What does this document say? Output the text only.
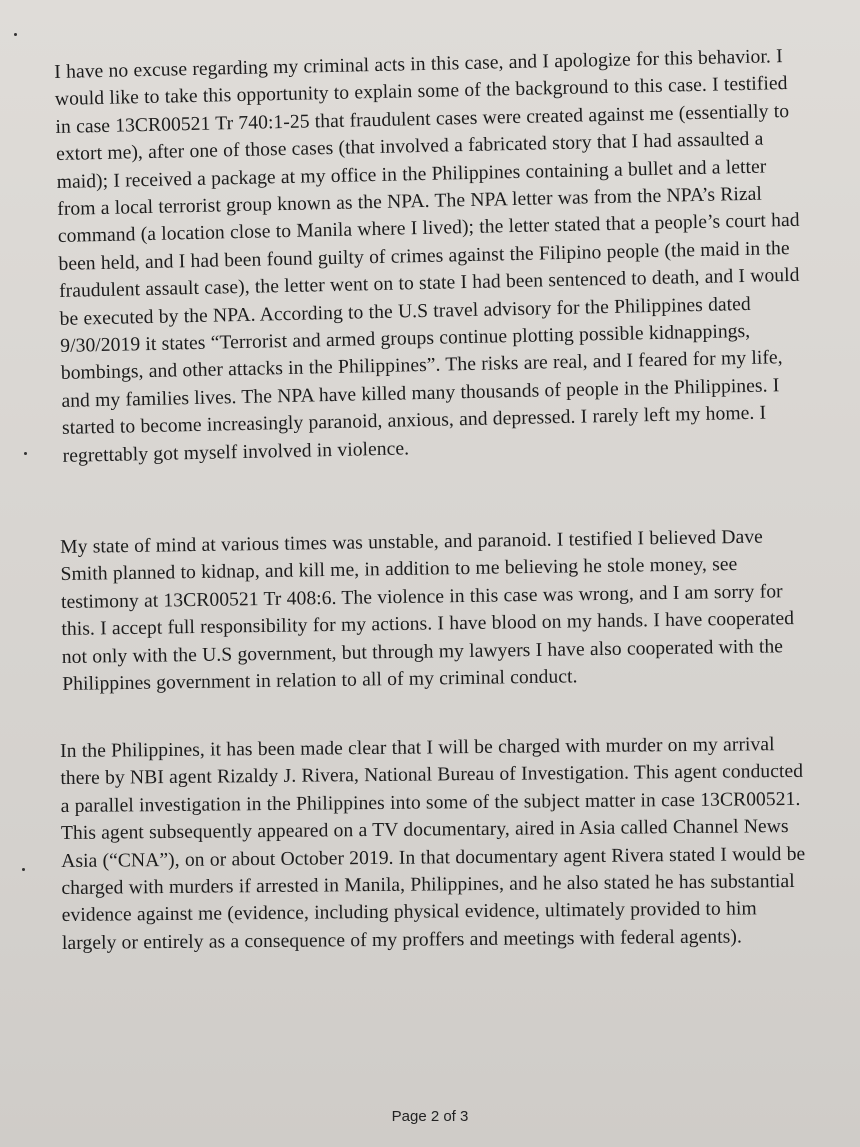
I have no excuse regarding my criminal acts in this case, and I apologize for this behavior. I would like to take this opportunity to explain some of the background to this case. I testified in case 13CR00521 Tr 740:1-25 that fraudulent cases were created against me (essentially to extort me), after one of those cases (that involved a fabricated story that I had assaulted a maid); I received a package at my office in the Philippines containing a bullet and a letter from a local terrorist group known as the NPA. The NPA letter was from the NPA’s Rizal command (a location close to Manila where I lived); the letter stated that a people’s court had been held, and I had been found guilty of crimes against the Filipino people (the maid in the fraudulent assault case), the letter went on to state I had been sentenced to death, and I would be executed by the NPA. According to the U.S travel advisory for the Philippines dated 9/30/2019 it states “Terrorist and armed groups continue plotting possible kidnappings, bombings, and other attacks in the Philippines”. The risks are real, and I feared for my life, and my families lives. The NPA have killed many thousands of people in the Philippines. I started to become increasingly paranoid, anxious, and depressed. I rarely left my home. I regrettably got myself involved in violence.

My state of mind at various times was unstable, and paranoid. I testified I believed Dave Smith planned to kidnap, and kill me, in addition to me believing he stole money, see testimony at 13CR00521 Tr 408:6. The violence in this case was wrong, and I am sorry for this. I accept full responsibility for my actions. I have blood on my hands. I have cooperated not only with the U.S government, but through my lawyers I have also cooperated with the Philippines government in relation to all of my criminal conduct.

In the Philippines, it has been made clear that I will be charged with murder on my arrival there by NBI agent Rizaldy J. Rivera, National Bureau of Investigation. This agent conducted a parallel investigation in the Philippines into some of the subject matter in case 13CR00521. This agent subsequently appeared on a TV documentary, aired in Asia called Channel News Asia (“CNA”), on or about October 2019. In that documentary agent Rivera stated I would be charged with murders if arrested in Manila, Philippines, and he also stated he has substantial evidence against me (evidence, including physical evidence, ultimately provided to him largely or entirely as a consequence of my proffers and meetings with federal agents).

Page 2 of 3
